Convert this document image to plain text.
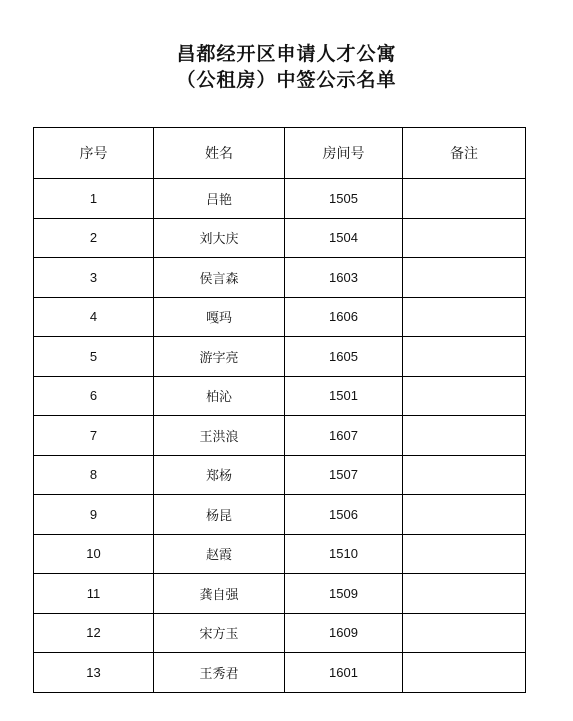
昌都经开区申请人才公寓
（公租房）中签公示名单
序号	姓名	房间号	备注
1	吕艳	1505	
2	刘大庆	1504	
3	侯言森	1603	
4	嘎玛	1606	
5	游字亮	1605	
6	柏沁	1501	
7	王洪浪	1607	
8	郑杨	1507	
9	杨昆	1506	
10	赵霞	1510	
11	龚自强	1509	
12	宋方玉	1609	
13	王秀君	1601	
